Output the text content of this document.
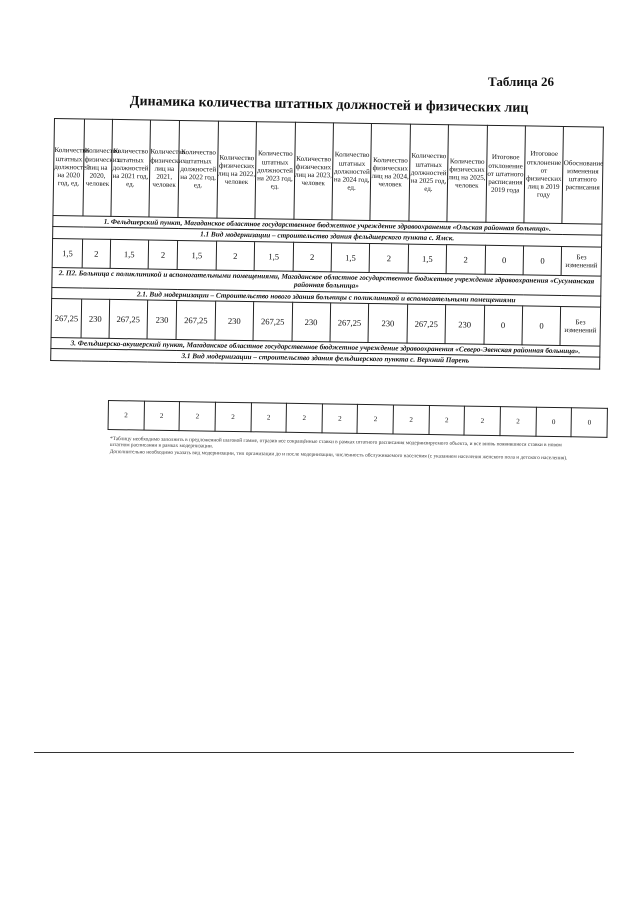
Таблица 26
Динамика количества штатных должностей и физических лиц
Количество штатных должностей на 2020 год, ед.	Количество физических лиц на 2020, человек	Количество штатных должностей на 2021 год, ед.	Количество физических лиц на 2021, человек	Количество штатных должностей на 2022 год, ед.	Количество физических лиц на 2022, человек	Количество штатных должностей на 2023 год, ед.	Количество физических лиц на 2023, человек	Количество штатных должностей на 2024 год, ед.	Количество физических лиц на 2024, человек	Количество штатных должностей на 2025 год, ед.	Количество физических лиц на 2025, человек	Итоговое отклонение от штатного расписания 2019 года	Итоговое отклонение от физических лиц в 2019 году	Обоснование изменения штатного расписания
1. Фельдшерский пункт, Магаданское областное государственное бюджетное учреждение здравоохранения «Ольская районная больница».														
1.1 Вид модернизации – строительство здания фельдшерского пункта с. Ямск.														
1,5	2	1,5	2	1,5	2	1,5	2	1,5	2	1,5	2	0	0	Без изменений
2. П2. Больница с поликлиникой и вспомогательными помещениями, Магаданское областное государственное бюджетное учреждение здравоохранения «Сусуманская районная больница»														
2.1. Вид модернизации – Строительство нового здания больницы с поликлиникой и вспомогательными помещениями														
267,25	230	267,25	230	267,25	230	267,25	230	267,25	230	267,25	230	0	0	Без изменений
3. Фельдшерско-акушерский пункт, Магаданское областное государственное бюджетное учреждение здравоохранения «Северо-Эвенская районная больница».														
3.1 Вид модернизации – строительство здания фельдшерского пункта с. Верхний Парень														
2	2	2	2	2	2	2	2	2	2	2	2	0	0

*Таблицу необходимо заполнить в предложенной шаговой гамме, отразив все сокращённые ставки в рамках штатного расписания модернизируемого объекта, и все вновь появившиеся ставки в новом штатном расписании в рамках модернизации.

Дополнительно необходимо указать вид модернизации, тип организации до и после модернизации, численность обслуживаемого населения (с указанием населения женского пола и детского населения).
